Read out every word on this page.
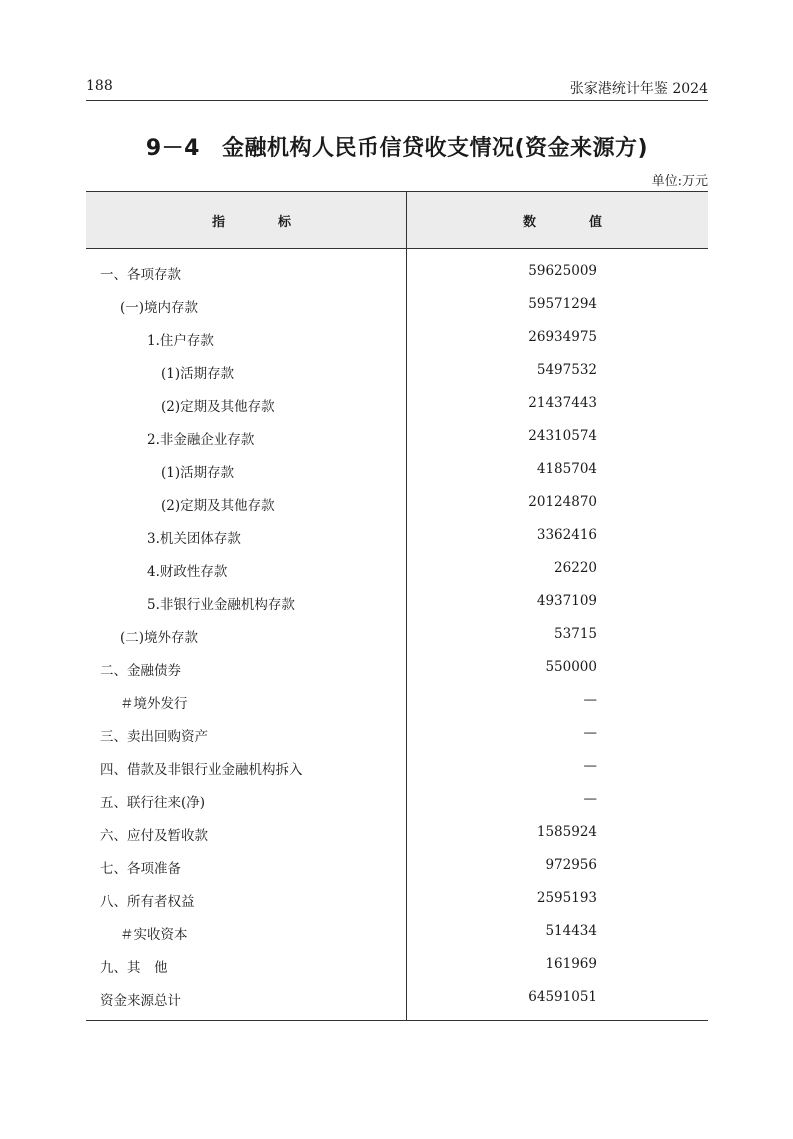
188	张家港统计年鉴 2024
9－4 金融机构人民币信贷收支情况(资金来源方)
单位:万元
指　标	数　值
一、各项存款	59625009
(一)境内存款	59571294
1.住户存款	26934975
(1)活期存款	5497532
(2)定期及其他存款	21437443
2.非金融企业存款	24310574
(1)活期存款	4185704
(2)定期及其他存款	20124870
3.机关团体存款	3362416
4.财政性存款	26220
5.非银行业金融机构存款	4937109
(二)境外存款	53715
二、金融债券	550000
＃境外发行	—
三、卖出回购资产	—
四、借款及非银行业金融机构拆入	—
五、联行往来(净)	—
六、应付及暂收款	1585924
七、各项准备	972956
八、所有者权益	2595193
＃实收资本	514434
九、其　他	161969
资金来源总计	64591051
